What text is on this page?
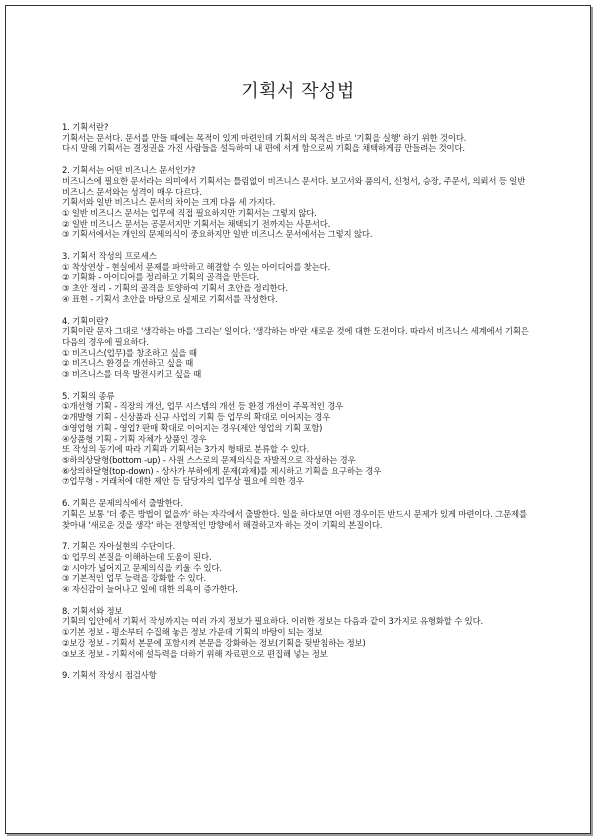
기획서 작성법

1. 기획서란?

기획서는 문서다. 문서를 만들 때에는 목적이 있게 마련인데 기획서의 목적은 바로 '기획을 실행' 하기 위한 것이다.

다시 말해 기획서는 결정권을 가진 사람들을 설득하여 내 편에 서게 함으로써 기획을 채택하게끔 만들려는 것이다.

2. 기획서는 어떤 비즈니스 문서인가?

비즈니스에 필요한 문서라는 의미에서 기획서는 틀림없이 비즈니스 문서다. 보고서와 품의서, 신청서, 승장, 주문서, 의뢰서 등 일반 비즈니스 문서와는 성격이 매우 다르다.

기획서와 일반 비즈니스 문서의 차이는 크게 다음 세 가지다.

① 일반 비즈니스 문서는 업무에 직접 필요하지만 기획서는 그렇지 않다.

② 일반 비즈니스 문서는 공문서지만 기획서는 채택되기 전까지는 사문서다.

③ 기획서에서는 개인의 문제의식이 중요하지만 일반 비즈니스 문서에서는 그렇지 않다.

3. 기획서 작성의 프로세스

① 착상연상 - 현실에서 문제를 파악하고 해결할 수 있는 아이디어를 찾는다.

② 기획화 - 아이디어를 정리하고 기획의 골격을 만든다.

③ 초안 정리 - 기획의 골격을 토양하여 기획서 초안을 정리한다.

④ 표현 - 기획서 초안을 바탕으로 실제로 기획서를 작성한다.

4. 기획이란?

기획이란 문자 그대로 '생각하는 바를 그리는' 일이다. '생각하는 바'란 새로운 것에 대한 도전이다. 따라서 비즈니스 세계에서 기획은 다음의 경우에 필요하다.

① 비즈니스(업무)를 창조하고 싶을 때

② 비즈니스 환경을 개선하고 싶을 때

③ 비즈니스를 더욱 발전시키고 싶을 때

5. 기획의 종류

①개선형 기획 - 직장의 개선, 업무 시스템의 개선 등 환경 개선이 주목적인 경우

②개발형 기획 - 신상품과 신규 사업의 기획 등 업무의 확대로 이어지는 경우

③영업형 기획 - 영업? 판매 확대로 이어지는 경우(제안 영업의 기획 포함)

④상품형 기획 - 기획 자체가 상품인 경우

또 작성의 동기에 따라 기획과 기획서는 3가지 형태로 분류할 수 있다.

⑤하의상달형(bottom -up) - 사원 스스로의 문제의식을 자발적으로 작성하는 경우

⑥상의하달형(top-down) - 상사가 부하에게 문제(과제)를 제시하고 기획을 요구하는 경우

⑦업무형 - 거래처에 대한 제안 등 담당자의 업무상 필요에 의한 경우

6. 기획은 문제의식에서 출발한다.

기획은 보통 '더 좋은 방법이 없을까' 하는 자각에서 출발한다. 일을 하다보면 어떤 경우이든 반드시 문제가 있게 마련이다. 그문제를 찾아내 '새로운 것을 생각' 하는 전향적인 방향에서 해결하고자 하는 것이 기획의 본질이다.

7. 기획은 자아실현의 수단이다.

① 업무의 본질을 이해하는데 도움이 된다.

② 시야가 넓어지고 문제의식을 키울 수 있다.

③ 기본적인 업무 능력을 강화할 수 있다.

④ 자신감이 늘어나고 일에 대한 의욕이 증가한다.

8. 기획서와 정보

기획의 입안에서 기획서 작성까지는 여러 가지 정보가 필요하다. 이러한 정보는 다음과 같이 3가지로 유형화할 수 있다.

①기본 정보 - 평소부터 수집해 놓은 정보 가운데 기획의 바탕이 되는 정보

②보강 정보 - 기획서 본문에 포함시켜 본문을 강화하는 정보(기획을 뒷받침하는 정보)

③보조 정보 - 기획서에 설득력을 더하기 위해 자료편으로 편집해 넣는 정보

9. 기획서 작성시 점검사항
